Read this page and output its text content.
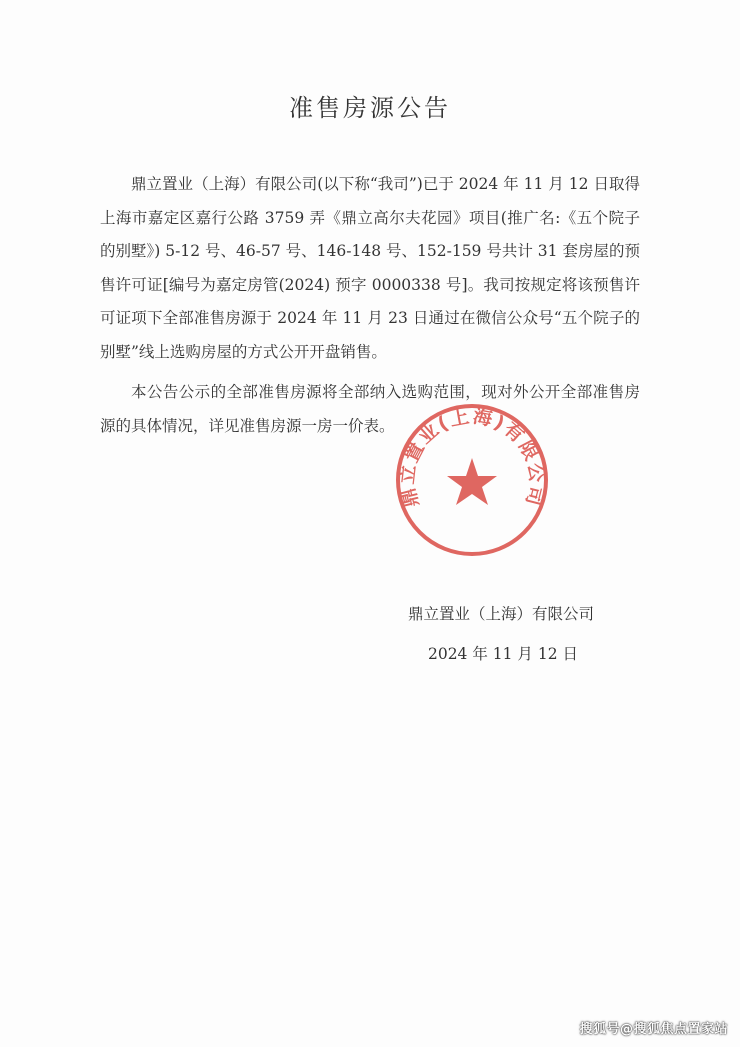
准售房源公告

鼎立置业（上海）有限公司(以下称“我司”)已于 2024 年 11 月 12 日取得上海市嘉定区嘉行公路 3759 弄《鼎立高尔夫花园》项目(推广名:《五个院子的别墅》) 5-12 号、46-57 号、146-148 号、152-159 号共计 31 套房屋的预售许可证[编号为嘉定房管(2024) 预字 0000338 号]。我司按规定将该预售许可证项下全部准售房源于 2024 年 11 月 23 日通过在微信公众号“五个院子的别墅”线上选购房屋的方式公开开盘销售。

本公告公示的全部准售房源将全部纳入选购范围，现对外公开全部准售房源的具体情况，详见准售房源一房一价表。

鼎立置业(上海)有限公司
鼎立置业（上海）有限公司
2024 年 11 月 12 日
搜狐号@搜狐焦点置家站
